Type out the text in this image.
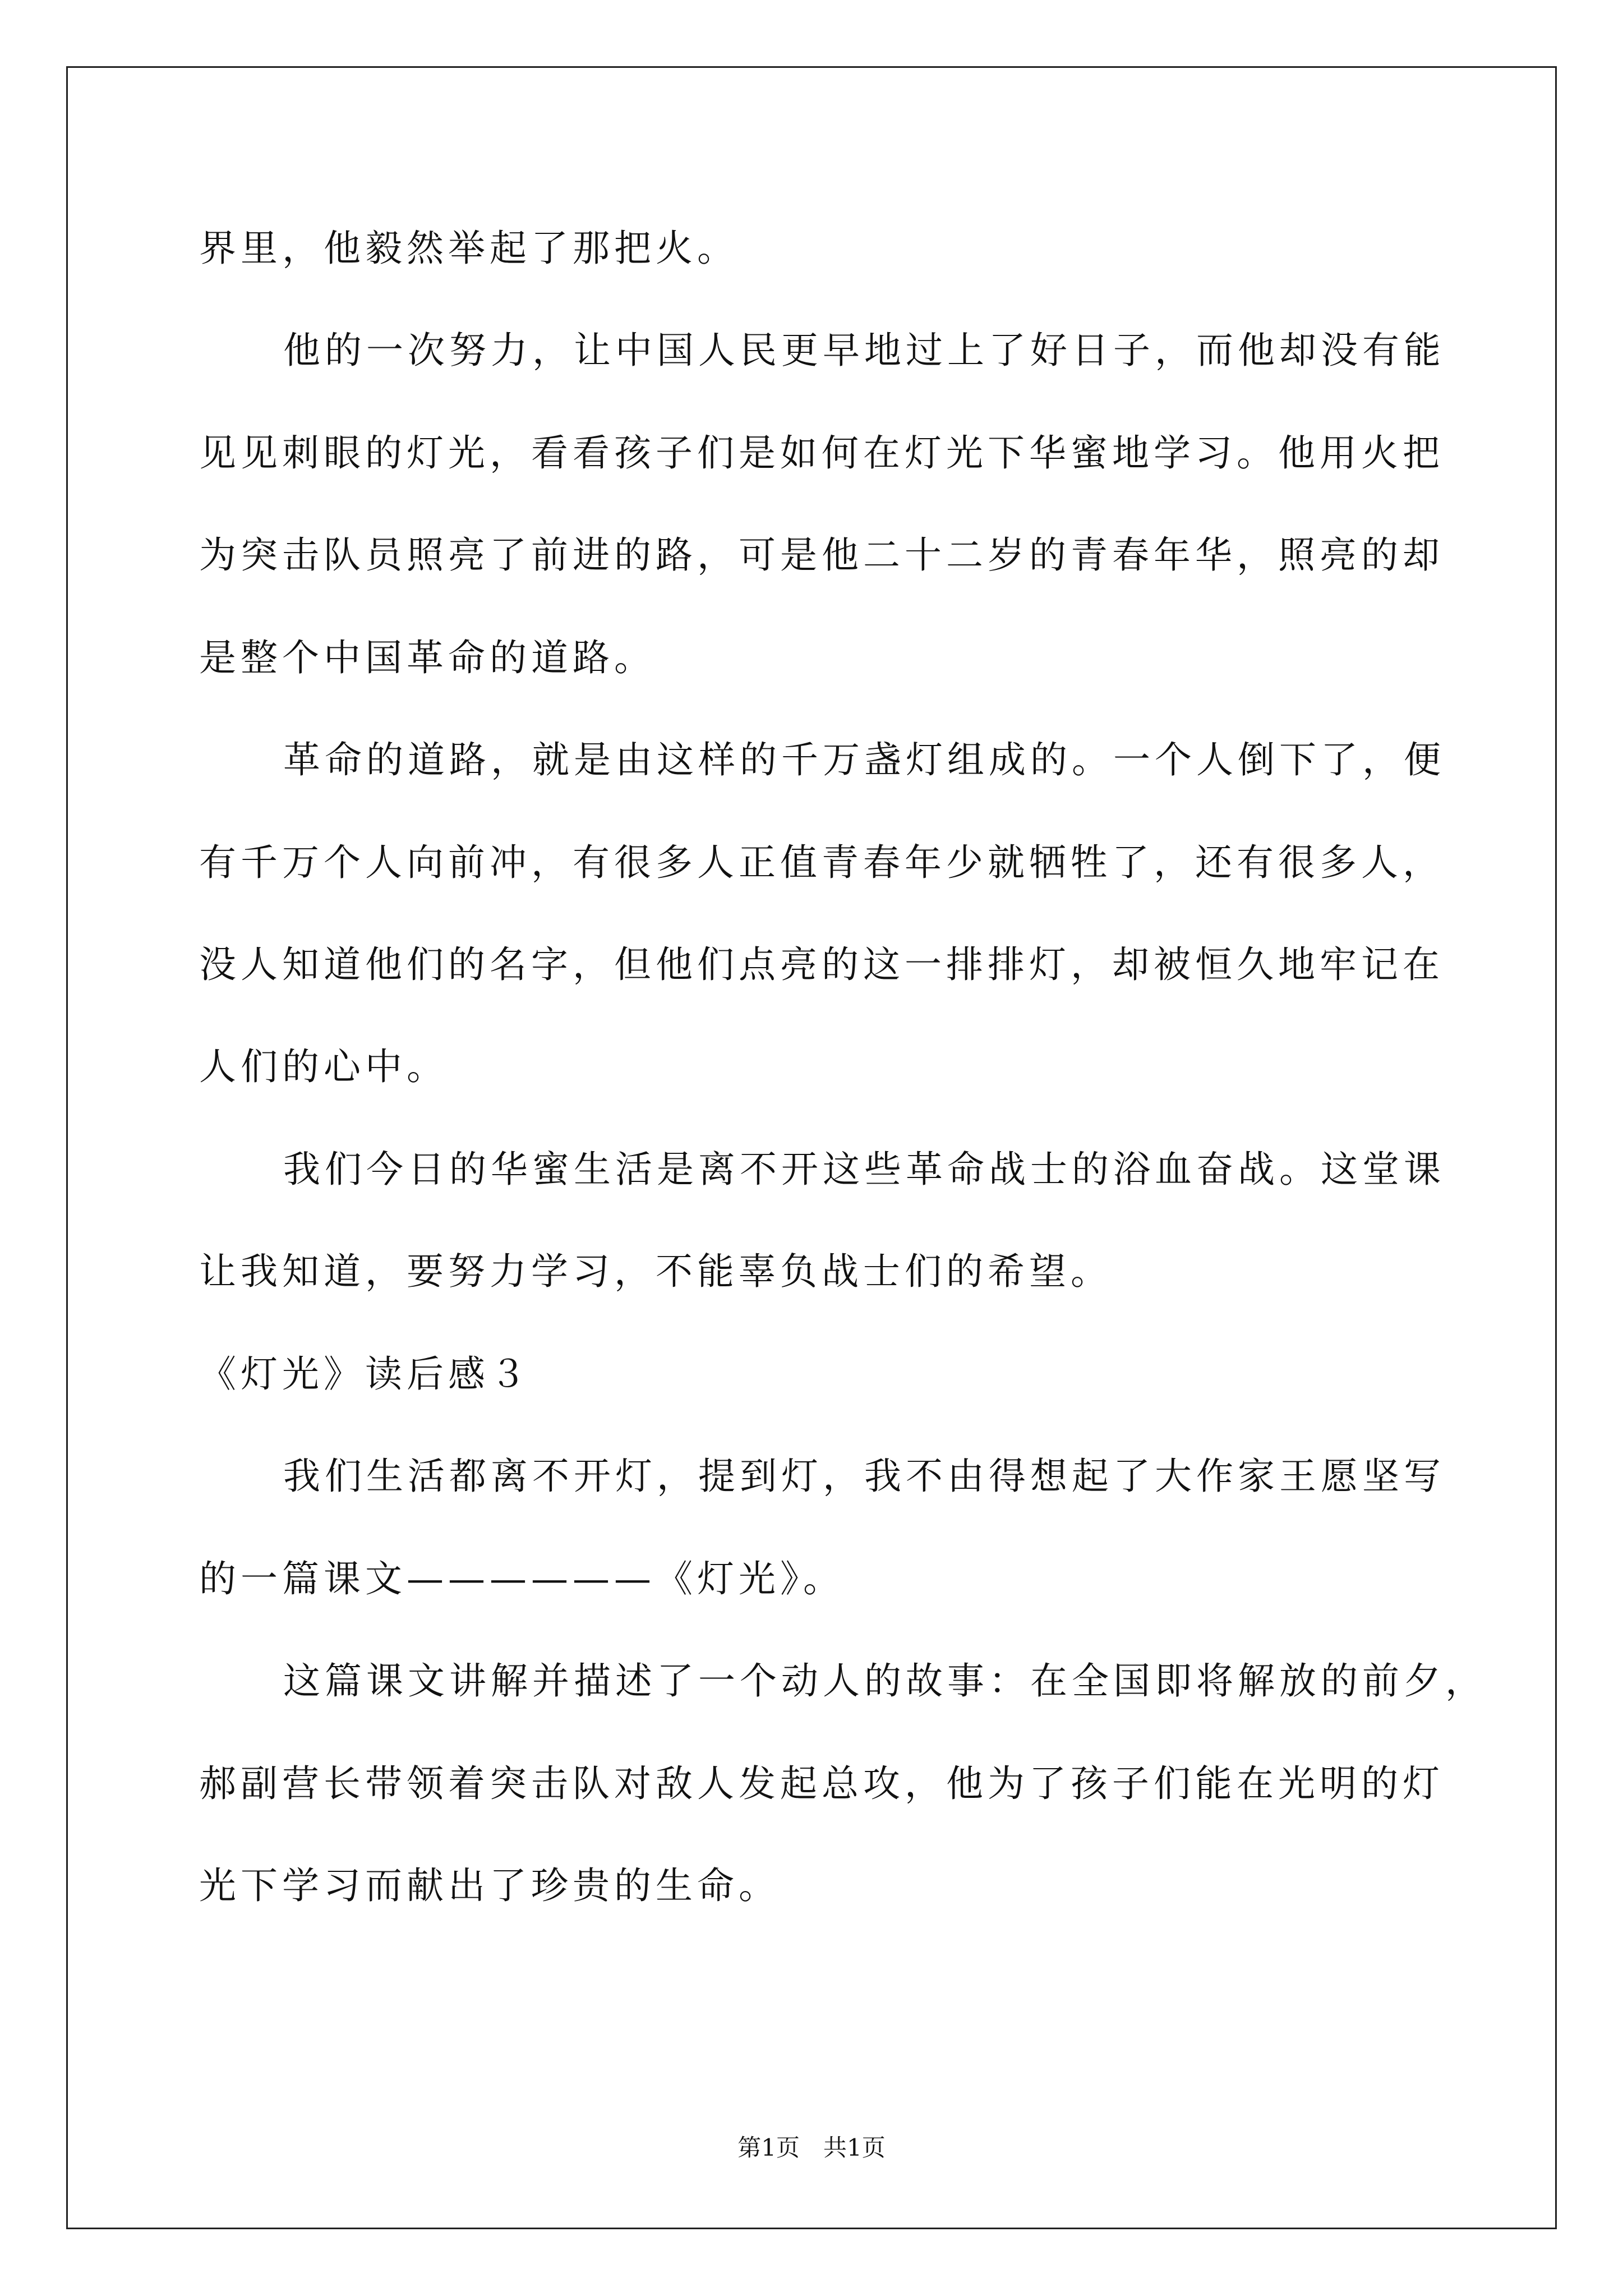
界里，他毅然举起了那把火。
他的一次努力，让中国人民更早地过上了好日子，而他却没有能
见见刺眼的灯光，看看孩子们是如何在灯光下华蜜地学习。他用火把
为突击队员照亮了前进的路，可是他二十二岁的青春年华，照亮的却
是整个中国革命的道路。
革命的道路，就是由这样的千万盏灯组成的。一个人倒下了，便
有千万个人向前冲，有很多人正值青春年少就牺牲了，还有很多人，
没人知道他们的名字，但他们点亮的这一排排灯，却被恒久地牢记在
人们的心中。
我们今日的华蜜生活是离不开这些革命战士的浴血奋战。这堂课
让我知道，要努力学习，不能辜负战士们的希望。
《灯光》读后感３
我们生活都离不开灯，提到灯，我不由得想起了大作家王愿坚写
的一篇课文——————《灯光》。
这篇课文讲解并描述了一个动人的故事：在全国即将解放的前夕，
郝副营长带领着突击队对敌人发起总攻，他为了孩子们能在光明的灯
光下学习而献出了珍贵的生命。
第1页　共1页
